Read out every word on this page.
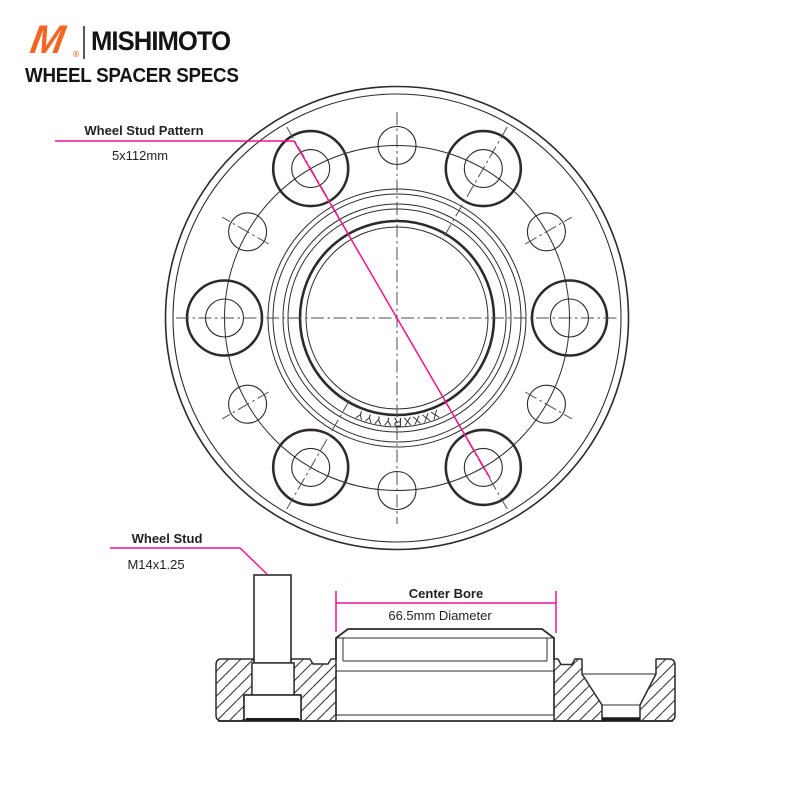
XXXXRYYYY
Wheel Stud Pattern
5x112mm
Wheel Stud
M14x1.25
Center Bore
66.5mm Diameter
M ® MISHIMOTO
WHEEL SPACER SPECS
